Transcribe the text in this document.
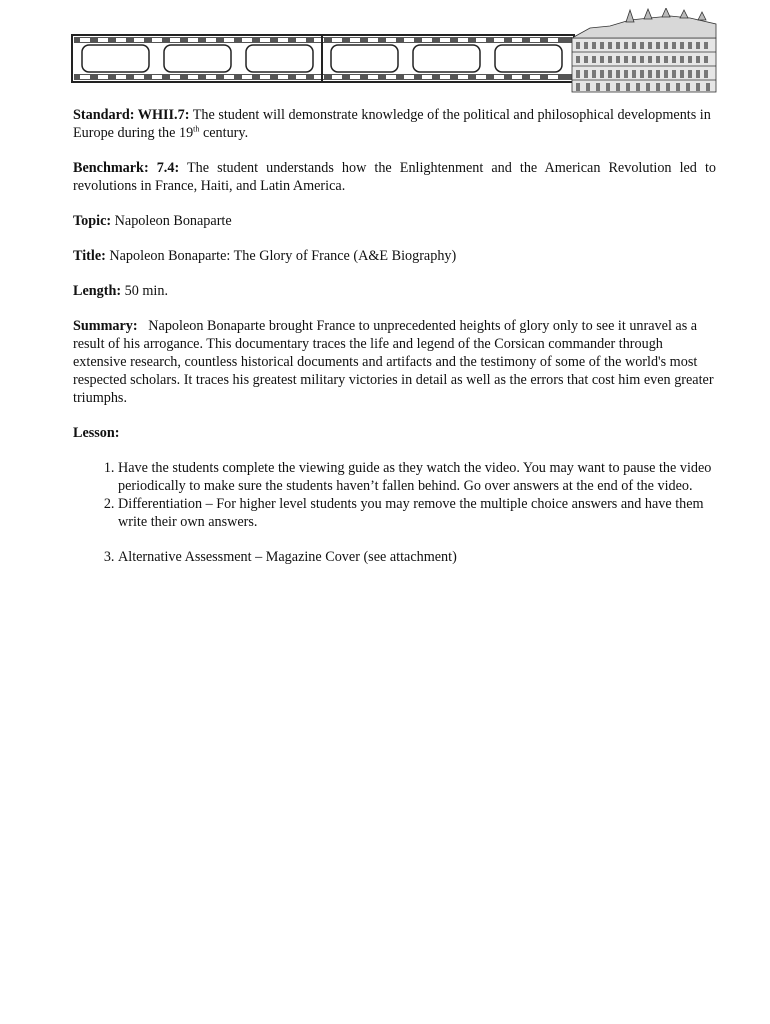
Standard: WHII.7: The student will demonstrate knowledge of the political and philosophical developments in Europe during the 19th century.

Benchmark: 7.4: The student understands how the Enlightenment and the American Revolution led to revolutions in France, Haiti, and Latin America.

Topic: Napoleon Bonaparte

Title: Napoleon Bonaparte: The Glory of France (A&E Biography)

Length: 50 min.

Summary:   Napoleon Bonaparte brought France to unprecedented heights of glory only to see it unravel as a result of his arrogance. This documentary traces the life and legend of the Corsican commander through extensive research, countless historical documents and artifacts and the testimony of some of the world's most respected scholars. It traces his greatest military victories in detail as well as the errors that cost him even greater triumphs.

Lesson:

1. Have the students complete the viewing guide as they watch the video. You may want to pause the video periodically to make sure the students haven’t fallen behind. Go over answers at the end of the video.
2. Differentiation – For higher level students you may remove the multiple choice answers and have them write their own answers.
3. Alternative Assessment – Magazine Cover (see attachment)
